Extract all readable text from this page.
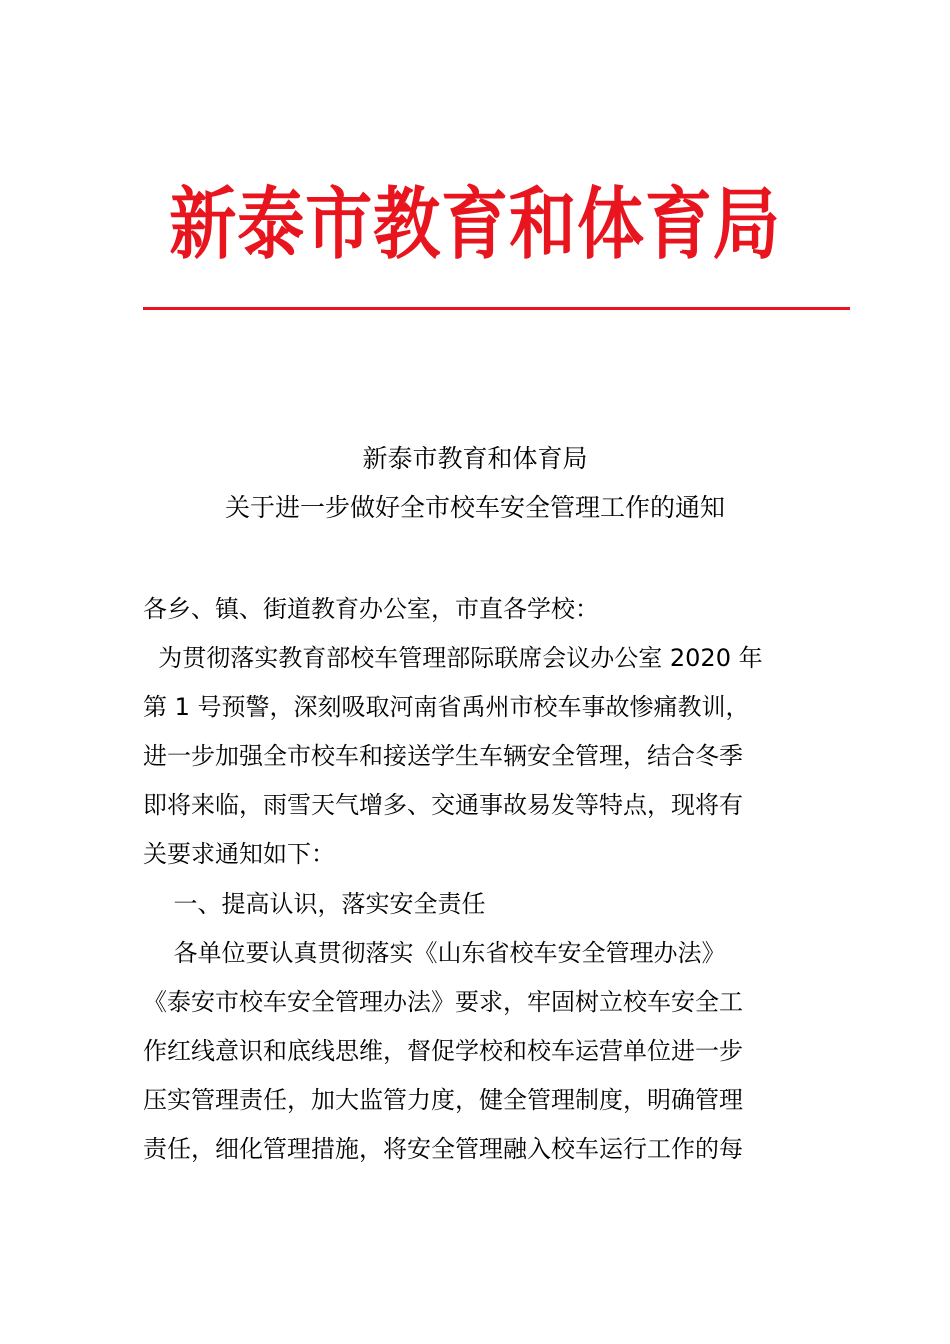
新泰市教育和体育局
新泰市教育和体育局
关于进一步做好全市校车安全管理工作的通知
各乡、镇、街道教育办公室，市直各学校：
为贯彻落实教育部校车管理部际联席会议办公室 2020 年
第 1 号预警，深刻吸取河南省禹州市校车事故惨痛教训，
进一步加强全市校车和接送学生车辆安全管理，结合冬季
即将来临，雨雪天气增多、交通事故易发等特点，现将有
关要求通知如下：
一、提高认识，落实安全责任
各单位要认真贯彻落实《山东省校车安全管理办法》
《泰安市校车安全管理办法》要求，牢固树立校车安全工
作红线意识和底线思维，督促学校和校车运营单位进一步
压实管理责任，加大监管力度，健全管理制度，明确管理
责任，细化管理措施，将安全管理融入校车运行工作的每
